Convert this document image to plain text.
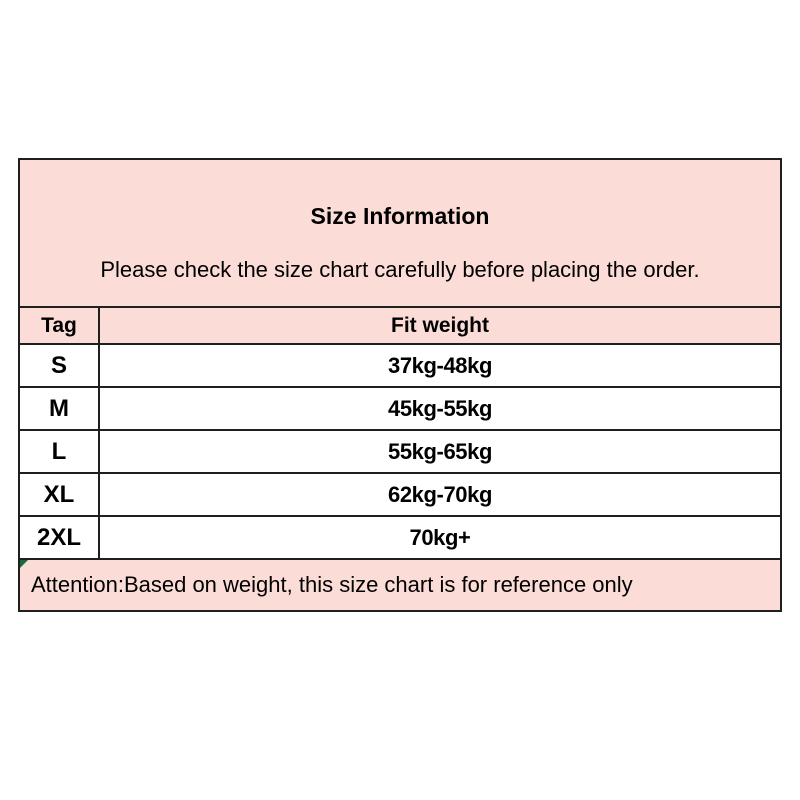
Size Information
Please check the size chart carefully before placing the order.
Tag	Fit weight
S	37kg-48kg
M	45kg-55kg
L	55kg-65kg
XL	62kg-70kg
2XL	70kg+
Attention:Based on weight, this size chart is for reference only
